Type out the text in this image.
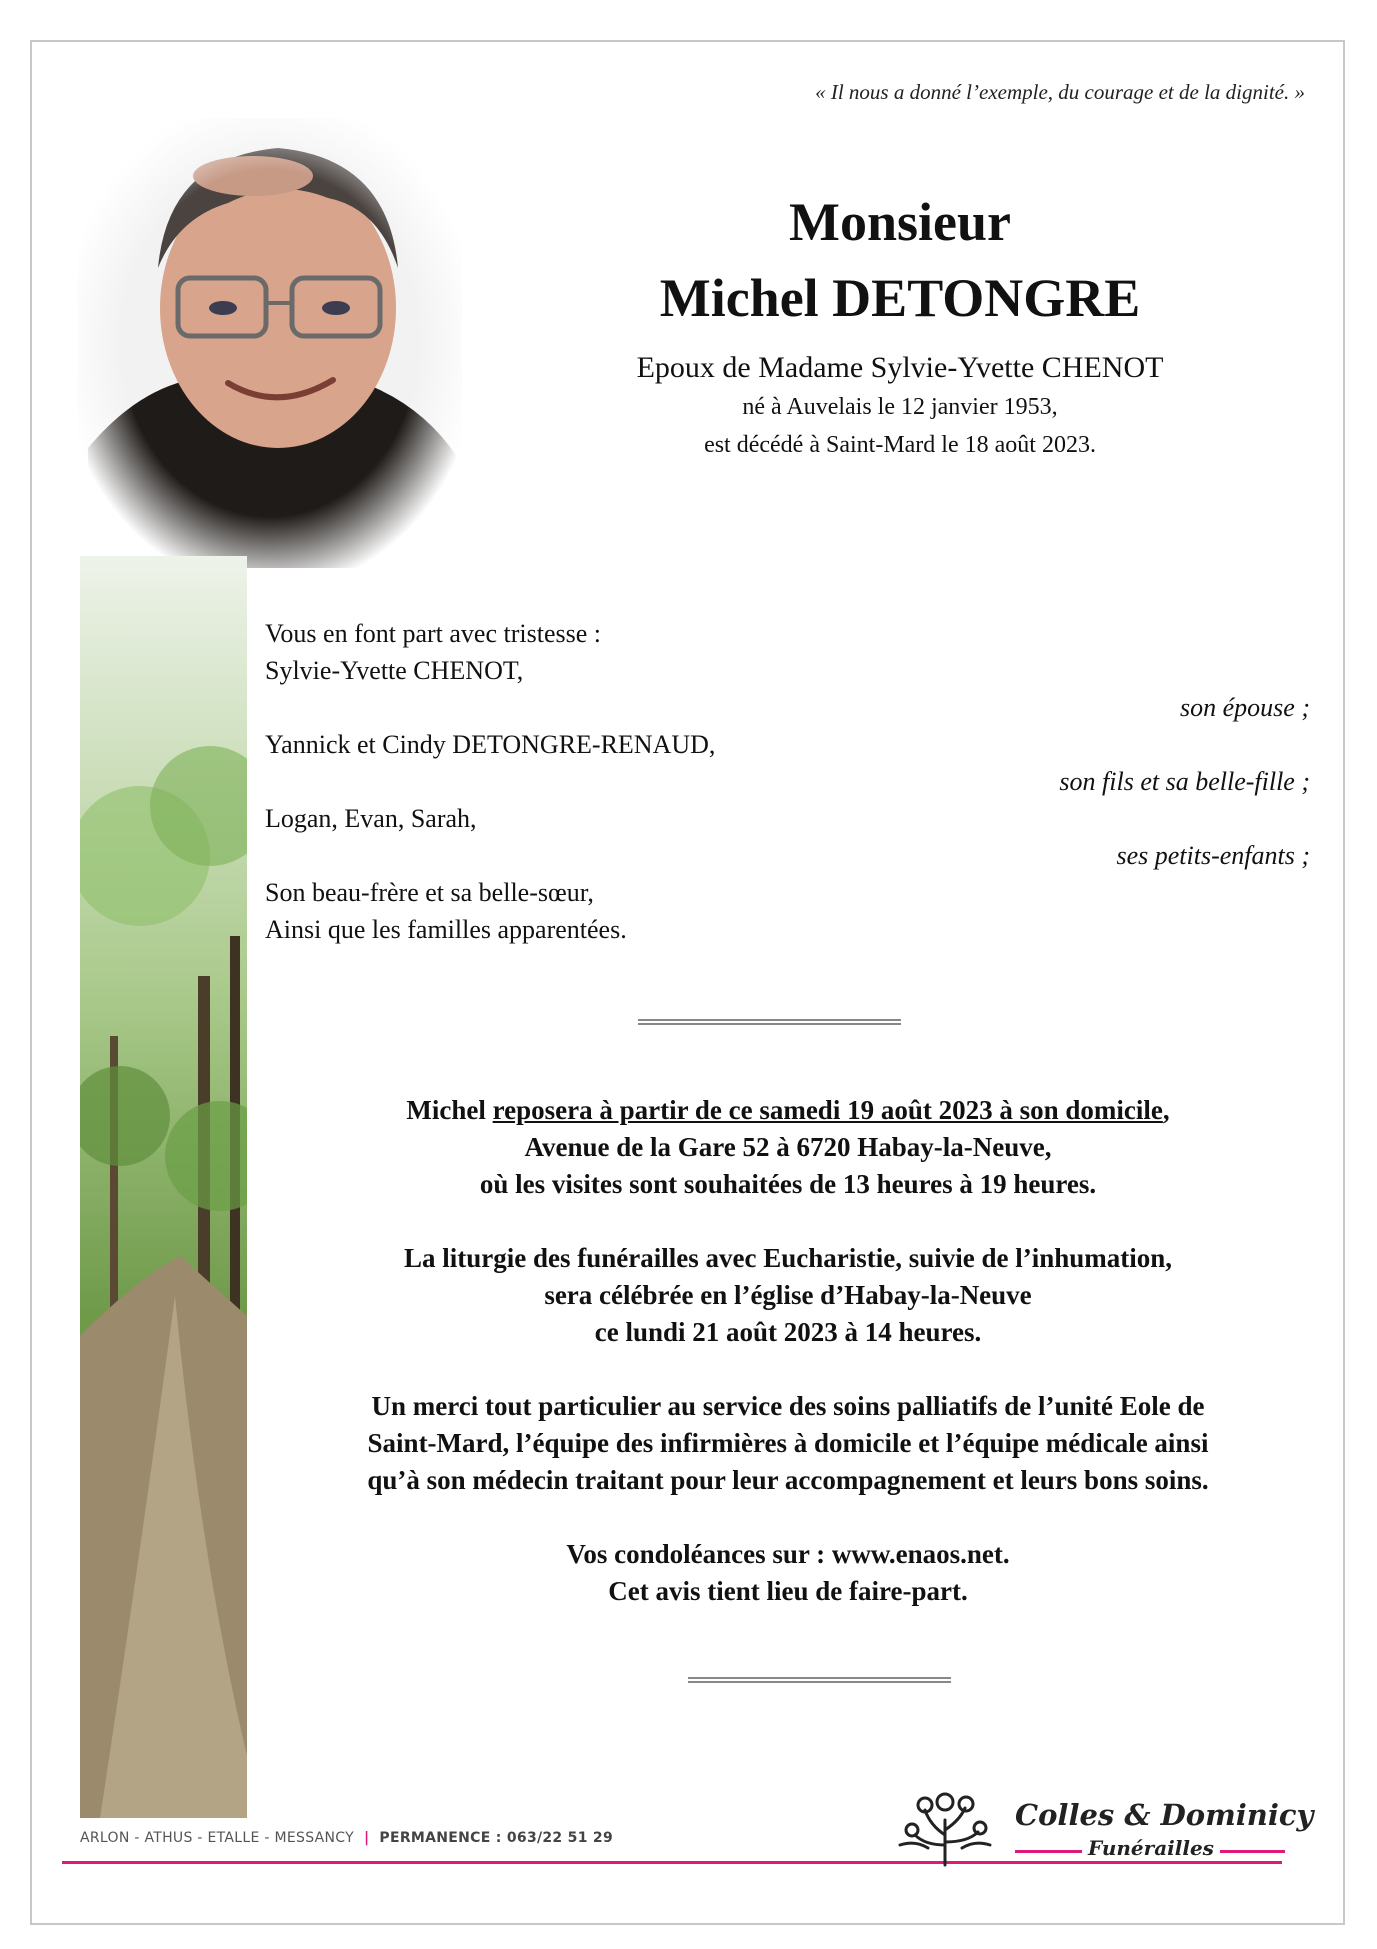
« Il nous a donné l’exemple, du courage et de la dignité. »
Monsieur
Michel DETONGRE
Epoux de Madame Sylvie-Yvette CHENOT
né à Auvelais le 12 janvier 1953,
est décédé à Saint-Mard le 18 août 2023.
Vous en font part avec tristesse :
Sylvie-Yvette CHENOT,
son épouse ;
Yannick et Cindy DETONGRE-RENAUD,
son fils et sa belle-fille ;
Logan, Evan, Sarah,
ses petits-enfants ;
Son beau-frère et sa belle-sœur,
Ainsi que les familles apparentées.

Michel reposera à partir de ce samedi 19 août 2023 à son domicile,
Avenue de la Gare 52 à 6720 Habay-la-Neuve,
où les visites sont souhaitées de 13 heures à 19 heures.

La liturgie des funérailles avec Eucharistie, suivie de l’inhumation,
sera célébrée en l’église d’Habay-la-Neuve
ce lundi 21 août 2023 à 14 heures.

Un merci tout particulier au service des soins palliatifs de l’unité Eole de
Saint-Mard, l’équipe des infirmières à domicile et l’équipe médicale ainsi
qu’à son médecin traitant pour leur accompagnement et leurs bons soins.

Vos condoléances sur : www.enaos.net.
Cet avis tient lieu de faire-part.

ARLON - ATHUS - ETALLE - MESSANCY | PERMANENCE : 063/22 51 29
Colles & Dominicy
Funérailles
